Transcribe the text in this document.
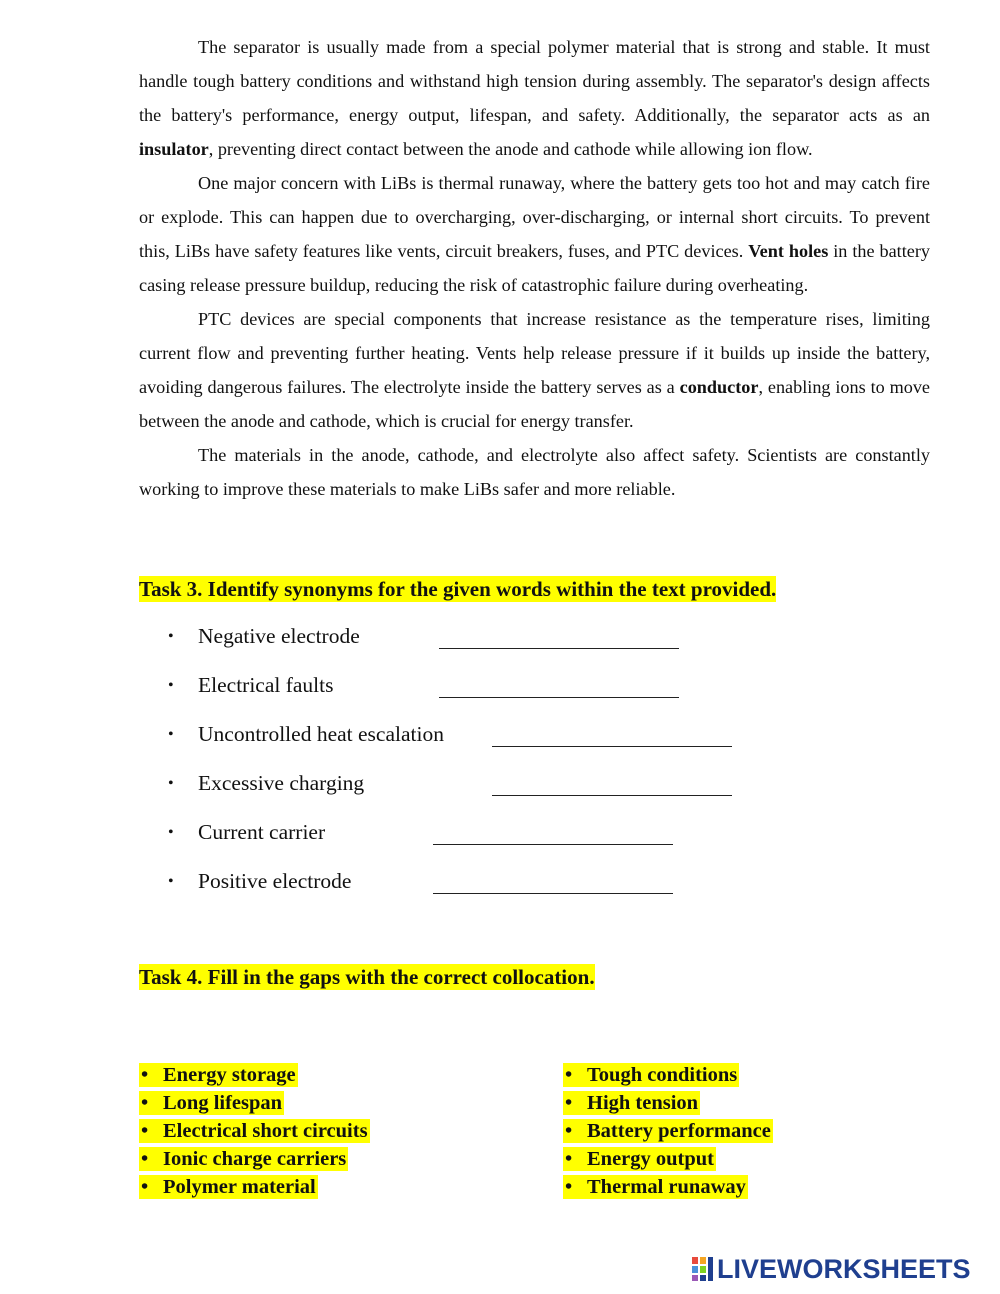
The separator is usually made from a special polymer material that is strong and stable. It must handle tough battery conditions and withstand high tension during assembly. The separator's design affects the battery's performance, energy output, lifespan, and safety. Additionally, the separator acts as an insulator, preventing direct contact between the anode and cathode while allowing ion flow.

One major concern with LiBs is thermal runaway, where the battery gets too hot and may catch fire or explode. This can happen due to overcharging, over-discharging, or internal short circuits. To prevent this, LiBs have safety features like vents, circuit breakers, fuses, and PTC devices. Vent holes in the battery casing release pressure buildup, reducing the risk of catastrophic failure during overheating.

PTC devices are special components that increase resistance as the temperature rises, limiting current flow and preventing further heating. Vents help release pressure if it builds up inside the battery, avoiding dangerous failures. The electrolyte inside the battery serves as a conductor, enabling ions to move between the anode and cathode, which is crucial for energy transfer.

The materials in the anode, cathode, and electrolyte also affect safety. Scientists are constantly working to improve these materials to make LiBs safer and more reliable.

Task 3. Identify synonyms for the given words within the text provided.
• Negative electrode
• Electrical faults
• Uncontrolled heat escalation
• Excessive charging
• Current carrier
• Positive electrode
Task 4. Fill in the gaps with the correct collocation.
• Energy storage
• Long lifespan
• Electrical short circuits
• Ionic charge carriers
• Polymer material
• Tough conditions
• High tension
• Battery performance
• Energy output
• Thermal runaway
LIVEWORKSHEETS
